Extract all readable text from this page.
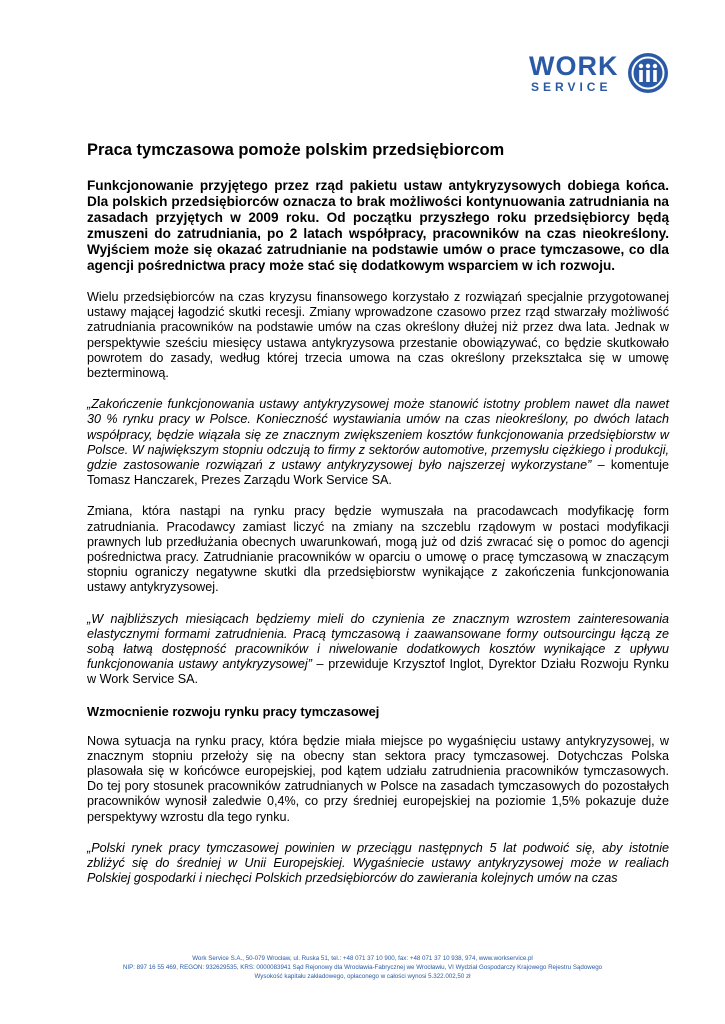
WORK
SERVICE
Praca tymczasowa pomoże polskim przedsiębiorcom
Funkcjonowanie przyjętego przez rząd pakietu ustaw antykryzysowych dobiega końca. Dla polskich przedsiębiorców oznacza to brak możliwości kontynuowania zatrudniania na zasadach przyjętych w 2009 roku. Od początku przyszłego roku przedsiębiorcy będą zmuszeni do zatrudniania, po 2 latach współpracy, pracowników na czas nieokreślony. Wyjściem może się okazać zatrudnianie na podstawie umów o prace tymczasowe, co dla agencji pośrednictwa pracy może stać się dodatkowym wsparciem w ich rozwoju.

Wielu przedsiębiorców na czas kryzysu finansowego korzystało z rozwiązań specjalnie przygotowanej ustawy mającej łagodzić skutki recesji. Zmiany wprowadzone czasowo przez rząd stwarzały możliwość zatrudniania pracowników na podstawie umów na czas określony dłużej niż przez dwa lata. Jednak w perspektywie sześciu miesięcy ustawa antykryzysowa przestanie obowiązywać, co będzie skutkowało powrotem do zasady, według której trzecia umowa na czas określony przekształca się w umowę bezterminową.

„Zakończenie funkcjonowania ustawy antykryzysowej może stanowić istotny problem nawet dla nawet 30 % rynku pracy w Polsce. Konieczność wystawiania umów na czas nieokreślony, po dwóch latach współpracy, będzie wiązała się ze znacznym zwiększeniem kosztów funkcjonowania przedsiębiorstw w Polsce. W największym stopniu odczują to firmy z sektorów automotive, przemysłu ciężkiego i produkcji, gdzie zastosowanie rozwiązań z ustawy antykryzysowej było najszerzej wykorzystane” – komentuje Tomasz Hanczarek, Prezes Zarządu Work Service SA.

Zmiana, która nastąpi na rynku pracy będzie wymuszała na pracodawcach modyfikację form zatrudniania. Pracodawcy zamiast liczyć na zmiany na szczeblu rządowym w postaci modyfikacji prawnych lub przedłużania obecnych uwarunkowań, mogą już od dziś zwracać się o pomoc do agencji pośrednictwa pracy. Zatrudnianie pracowników w oparciu o umowę o pracę tymczasową w znaczącym stopniu ograniczy negatywne skutki dla przedsiębiorstw wynikające z zakończenia funkcjonowania ustawy antykryzysowej.

„W najbliższych miesiącach będziemy mieli do czynienia ze znacznym wzrostem zainteresowania elastycznymi formami zatrudnienia. Pracą tymczasową i zaawansowane formy outsourcingu łączą ze sobą łatwą dostępność pracowników i niwelowanie dodatkowych kosztów wynikające z upływu funkcjonowania ustawy antykryzysowej” – przewiduje Krzysztof Inglot, Dyrektor Działu Rozwoju Rynku w Work Service SA.

Wzmocnienie rozwoju rynku pracy tymczasowej

Nowa sytuacja na rynku pracy, która będzie miała miejsce po wygaśnięciu ustawy antykryzysowej, w znacznym stopniu przełoży się na obecny stan sektora pracy tymczasowej. Dotychczas Polska plasowała się w końcówce europejskiej, pod kątem udziału zatrudnienia pracowników tymczasowych. Do tej pory stosunek pracowników zatrudnianych w Polsce na zasadach tymczasowych do pozostałych pracowników wynosił zaledwie 0,4%, co przy średniej europejskiej na poziomie 1,5% pokazuje duże perspektywy wzrostu dla tego rynku.

„Polski rynek pracy tymczasowej powinien w przeciągu następnych 5 lat podwoić się, aby istotnie zbliżyć się do średniej w Unii Europejskiej. Wygaśniecie ustawy antykryzysowej może w realiach Polskiej gospodarki i niechęci Polskich przedsiębiorców do zawierania kolejnych umów na czas

Work Service S.A., 50-079 Wrocław, ul. Ruska 51, tel.: +48 071 37 10 900, fax: +48 071 37 10 938, 974, www.workservice.pl
NIP: 897 16 55 469, REGON: 932629535, KRS: 0000083941 Sąd Rejonowy dla Wrocławia-Fabrycznej we Wrocławiu, VI Wydział Gospodarczy Krajowego Rejestru Sądowego
Wysokość kapitału zakładowego, opłaconego w całości wynosi 5.322.002,50 zł
